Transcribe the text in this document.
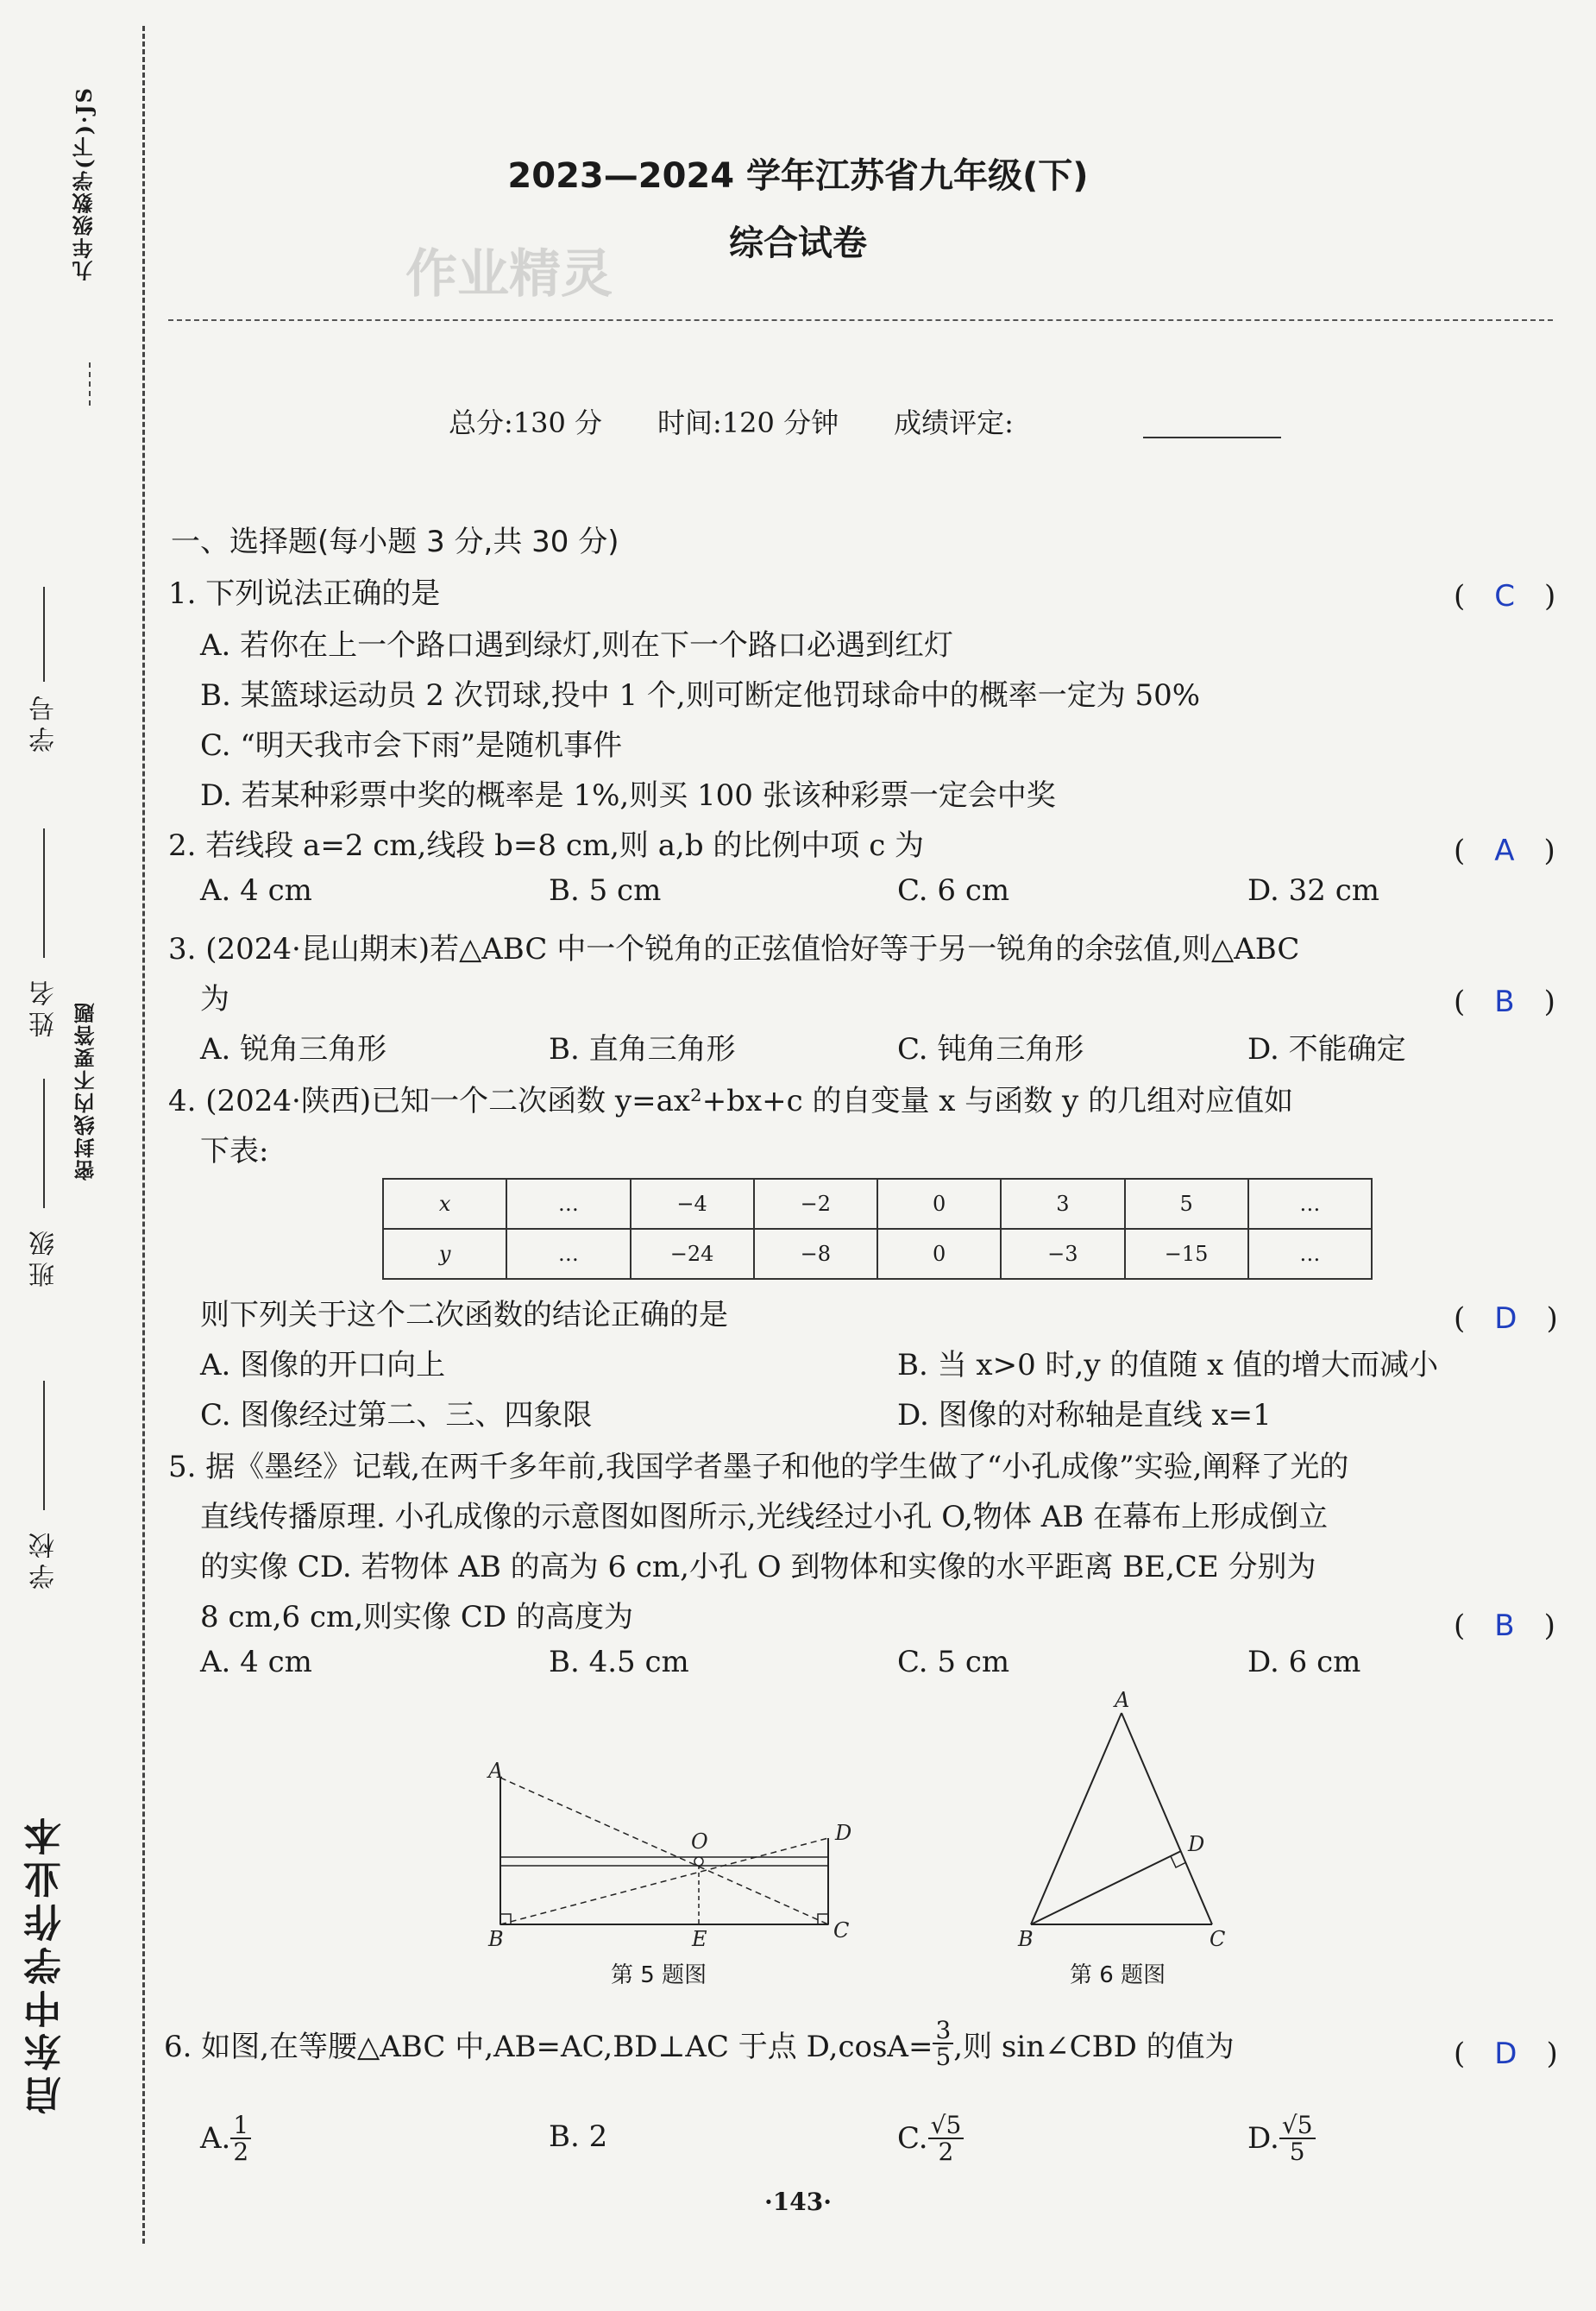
九年级数学(下)·JS
学号
姓名 密封线内不要答题
班级
学校
启东中学作业本
2023—2024 学年江苏省九年级(下)
综合试卷
作业精灵
总分:130 分　　时间:120 分钟　　成绩评定:
一、选择题(每小题 3 分,共 30 分)
1. 下列说法正确的是	(　C　)
A. 若你在上一个路口遇到绿灯,则在下一个路口必遇到红灯
B. 某篮球运动员 2 次罚球,投中 1 个,则可断定他罚球命中的概率一定为 50%
C. “明天我市会下雨”是随机事件
D. 若某种彩票中奖的概率是 1%,则买 100 张该种彩票一定会中奖
2. 若线段 a=2 cm,线段 b=8 cm,则 a,b 的比例中项 c 为	(　A　)
A. 4 cm	B. 5 cm	C. 6 cm	D. 32 cm
3. (2024·昆山期末)若△ABC 中一个锐角的正弦值恰好等于另一锐角的余弦值,则△ABC
为	(　B　)
A. 锐角三角形	B. 直角三角形	C. 钝角三角形	D. 不能确定
4. (2024·陕西)已知一个二次函数 y=ax²+bx+c 的自变量 x 与函数 y 的几组对应值如
下表:
x	…	−4	−2	0	3	5	…
y	…	−24	−8	0	−3	−15	…
则下列关于这个二次函数的结论正确的是	(　D　)
A. 图像的开口向上	B. 当 x>0 时,y 的值随 x 值的增大而减小
C. 图像经过第二、三、四象限	D. 图像的对称轴是直线 x=1
5. 据《墨经》记载,在两千多年前,我国学者墨子和他的学生做了“小孔成像”实验,阐释了光的
直线传播原理. 小孔成像的示意图如图所示,光线经过小孔 O,物体 AB 在幕布上形成倒立
的实像 CD. 若物体 AB 的高为 6 cm,小孔 O 到物体和实像的水平距离 BE,CE 分别为
8 cm,6 cm,则实像 CD 的高度为	(　B　)
A. 4 cm	B. 4.5 cm	C. 5 cm	D. 6 cm
A
B
O
E
D
C
第 5 题图
A
B	C
D
第 6 题图
6. 如图,在等腰△ABC 中,AB=AC,BD⊥AC 于点 $D,\cos A= \frac{3}{5}$ ,则 sin∠CBD 的值为	(　D　)
A. $\frac{1}{2}$	B. 2	C. $\frac{√5}{2}$	D. $\frac{√5}{5}$
·143·
